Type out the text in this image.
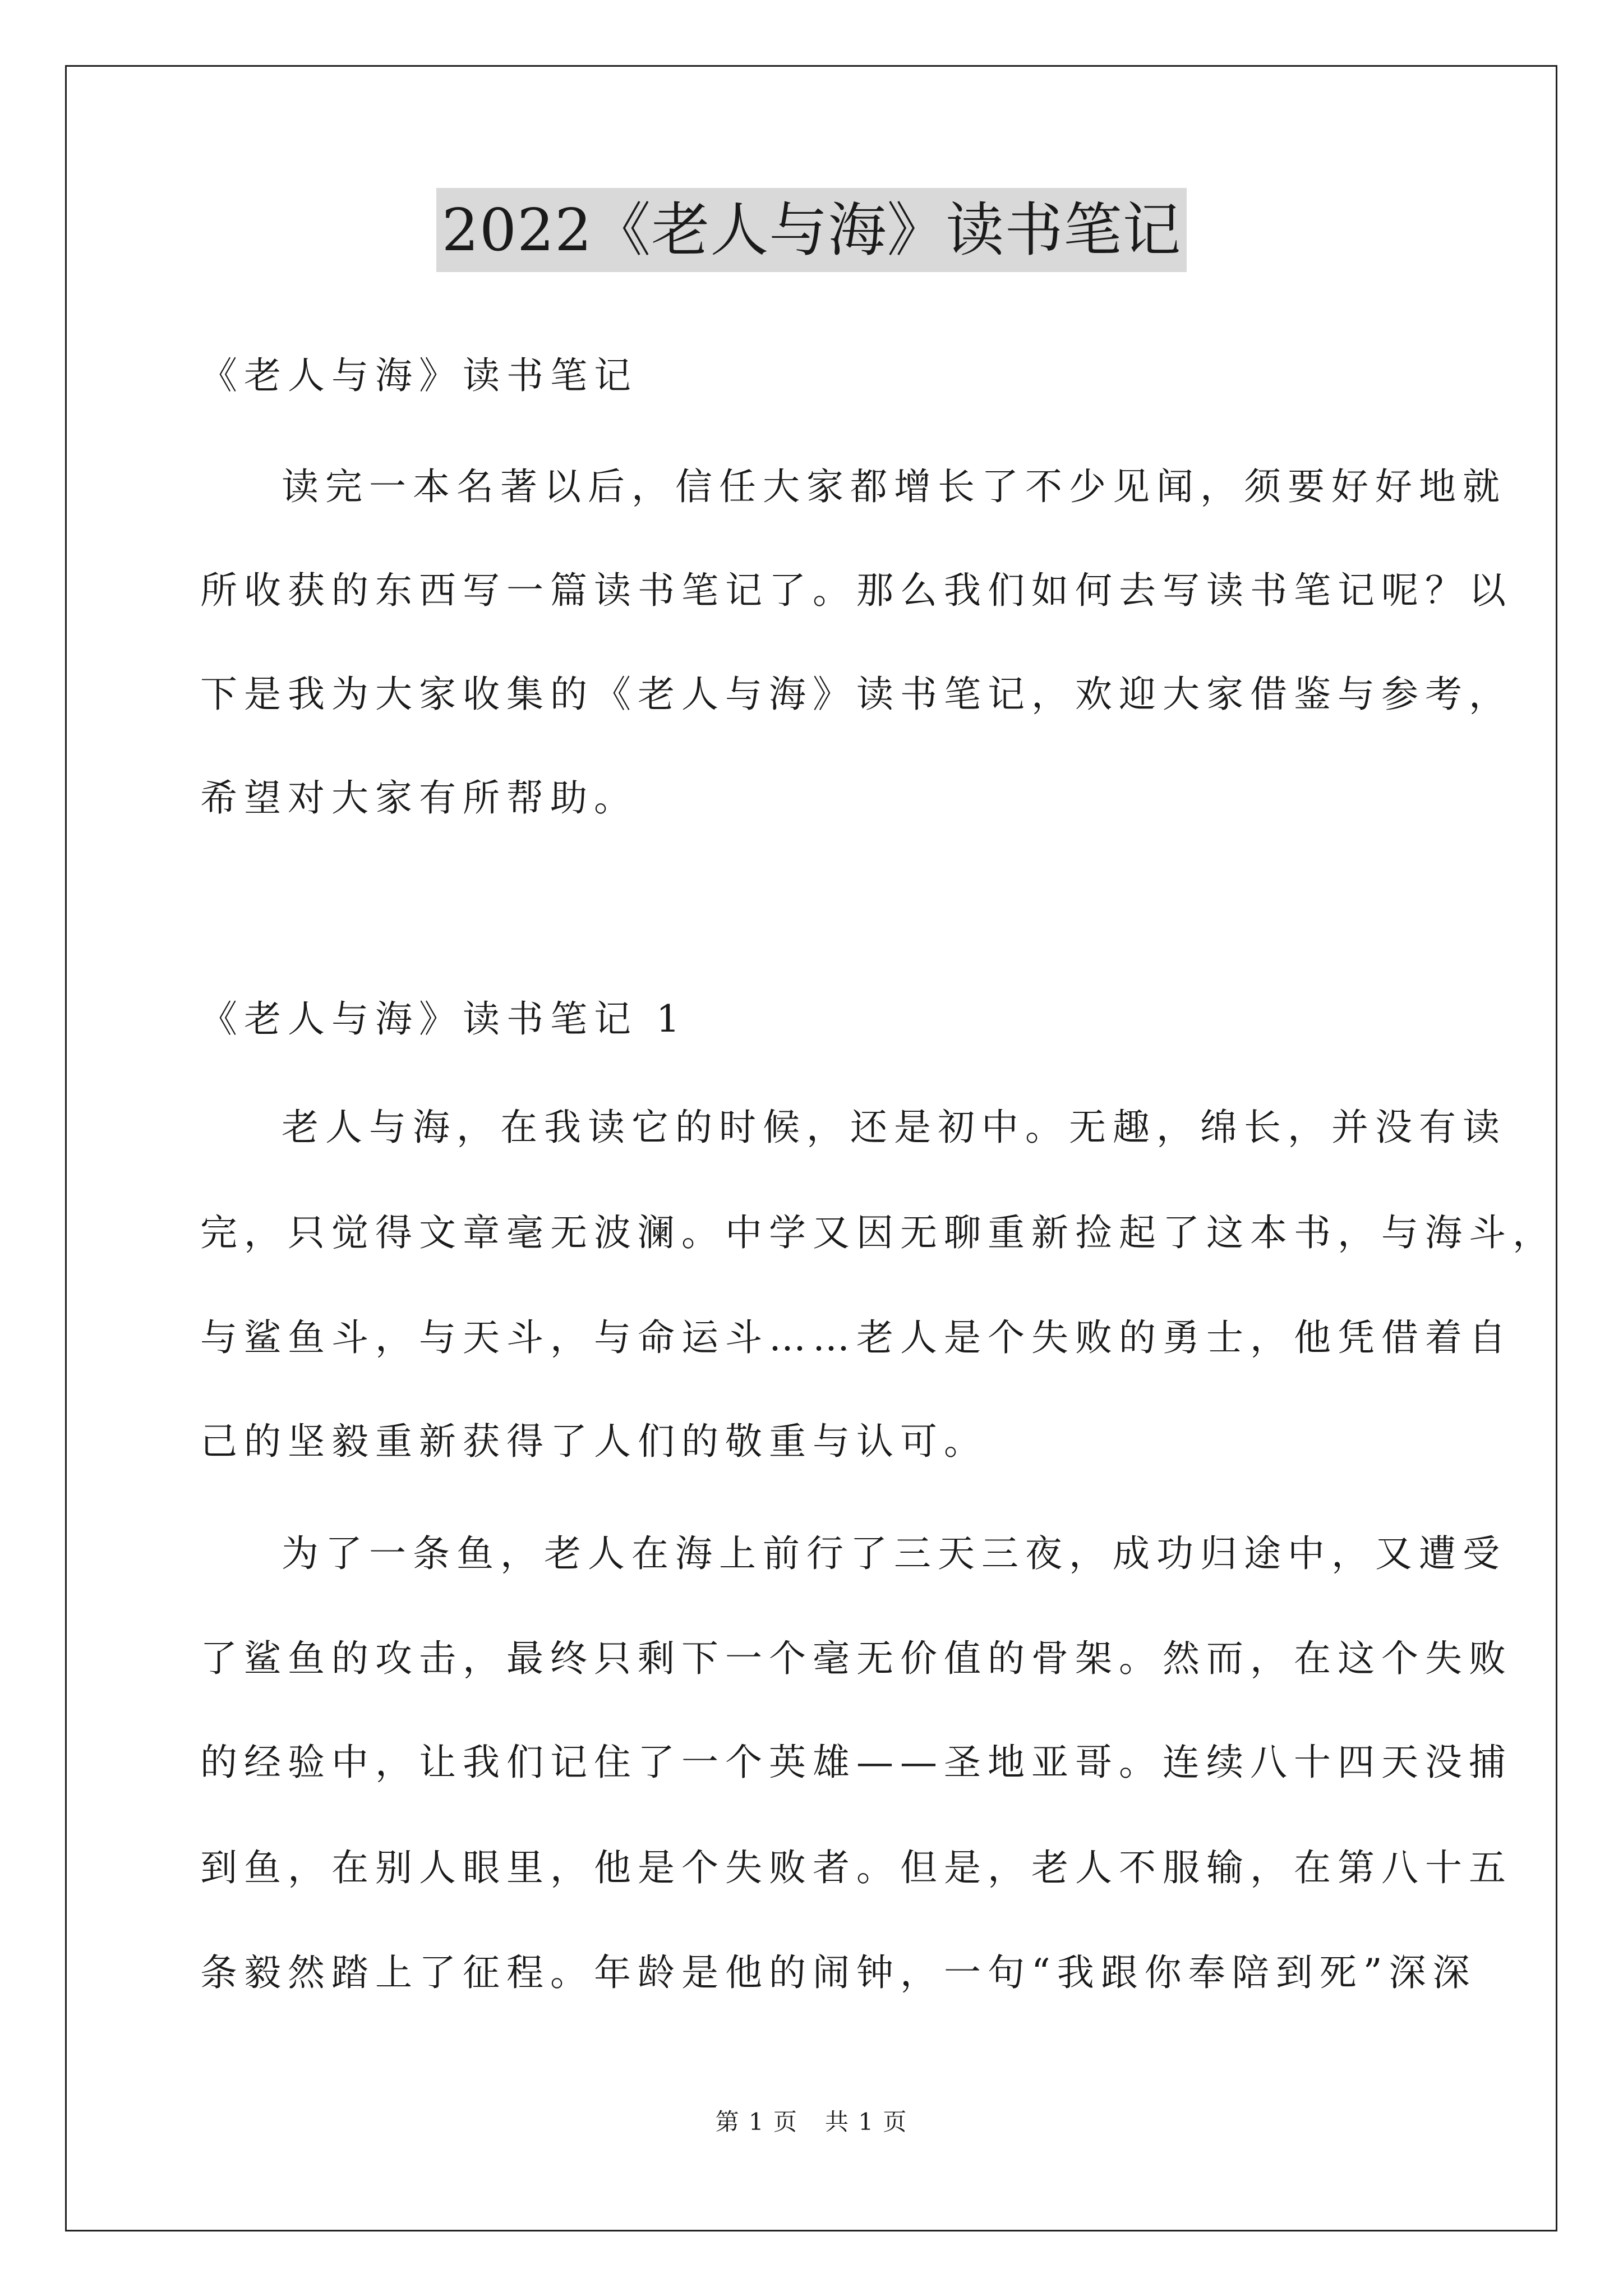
2022《老人与海》读书笔记

《老人与海》读书笔记

读完一本名著以后，信任大家都增长了不少见闻，须要好好地就

所收获的东西写一篇读书笔记了。那么我们如何去写读书笔记呢？以

下是我为大家收集的《老人与海》读书笔记，欢迎大家借鉴与参考，

希望对大家有所帮助。

《老人与海》读书笔记 1

老人与海，在我读它的时候，还是初中。无趣，绵长，并没有读

完，只觉得文章毫无波澜。中学又因无聊重新捡起了这本书，与海斗，

与鲨鱼斗，与天斗，与命运斗……老人是个失败的勇士，他凭借着自

己的坚毅重新获得了人们的敬重与认可。

为了一条鱼，老人在海上前行了三天三夜，成功归途中，又遭受

了鲨鱼的攻击，最终只剩下一个毫无价值的骨架。然而，在这个失败

的经验中，让我们记住了一个英雄——圣地亚哥。连续八十四天没捕

到鱼，在别人眼里，他是个失败者。但是，老人不服输，在第八十五

条毅然踏上了征程。年龄是他的闹钟，一句“我跟你奉陪到死”深深

第 1 页 共 1 页
